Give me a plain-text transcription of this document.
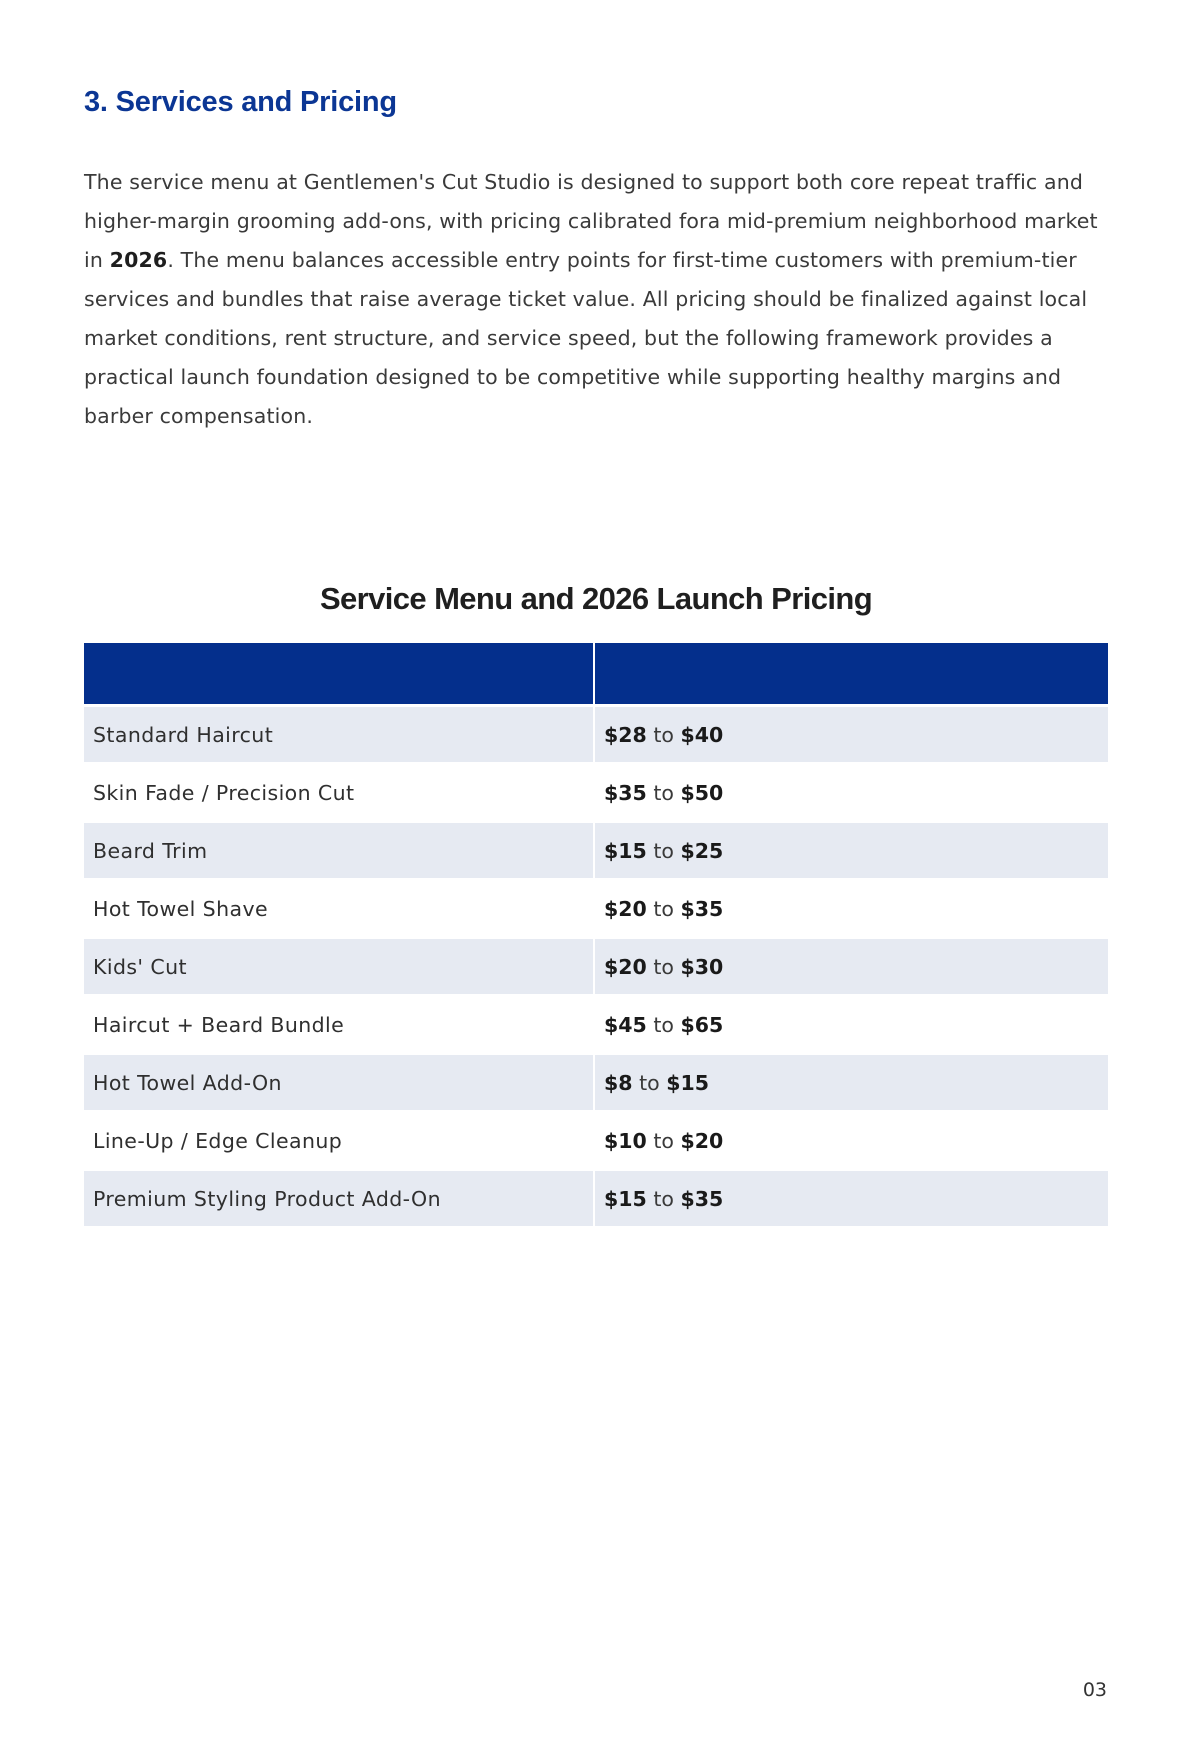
3. Services and Pricing

The service menu at Gentlemen's Cut Studio is designed to support both core repeat traffic and higher-margin grooming add-ons, with pricing calibrated fora mid-premium neighborhood market in 2026. The menu balances accessible entry points for first-time customers with premium-tier services and bundles that raise average ticket value. All pricing should be finalized against local market conditions, rent structure, and service speed, but the following framework provides a practical launch foundation designed to be competitive while supporting healthy margins and barber compensation.

Service Menu and 2026 Launch Pricing

Standard Haircut	$28 to $40
Skin Fade / Precision Cut	$35 to $50
Beard Trim	$15 to $25
Hot Towel Shave	$20 to $35
Kids' Cut	$20 to $30
Haircut + Beard Bundle	$45 to $65
Hot Towel Add-On	$8 to $15
Line-Up / Edge Cleanup	$10 to $20
Premium Styling Product Add-On	$15 to $35
03
